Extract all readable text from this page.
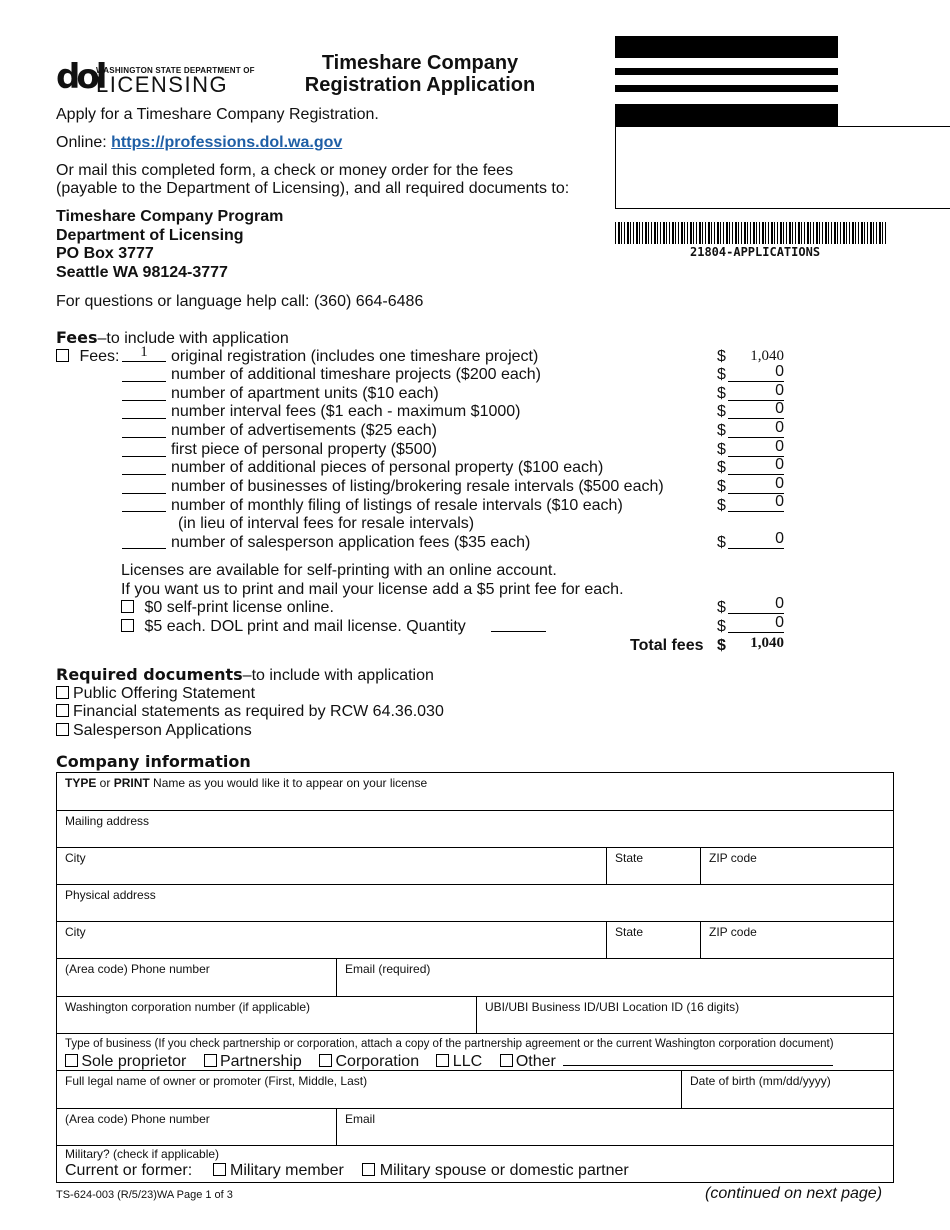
dol
WASHINGTON STATE DEPARTMENT OF
LICENSING
Timeshare Company
Registration Application
21804-APPLICATIONS
Apply for a Timeshare Company Registration.
Online: https://professions.dol.wa.gov
Or mail this completed form, a check or money order for the fees
(payable to the Department of Licensing), and all required documents to:
Timeshare Company Program
Department of Licensing
PO Box 3777
Seattle WA 98124-3777
For questions or language help call: (360) 664-6486
Fees–to include with application
Fees:	1	original registration (includes one timeshare project)	$	1,040
number of additional timeshare projects ($200 each)	$	0
number of apartment units ($10 each)	$	0
number interval fees ($1 each - maximum $1000)	$	0
number of advertisements ($25 each)	$	0
first piece of personal property ($500)	$	0
number of additional pieces of personal property ($100 each)	$	0
number of businesses of listing/brokering resale intervals ($500 each)	$	0
number of monthly filing of listings of resale intervals ($10 each)	$	0
(in lieu of interval fees for resale intervals)
number of salesperson application fees ($35 each)	$	0
Licenses are available for self-printing with an online account.
If you want us to print and mail your license add a $5 print fee for each.
$0 self-print license online.	$	0
$5 each. DOL print and mail license. Quantity	$	0
Total fees $	1,040
Required documents–to include with application
Public Offering Statement
Financial statements as required by RCW 64.36.030
Salesperson Applications
Company information
TYPE or PRINT Name as you would like it to appear on your license
Mailing address
City	State	ZIP code
Physical address
City	State	ZIP code
(Area code) Phone number	Email (required)
Washington corporation number (if applicable)	UBI/UBI Business ID/UBI Location ID (16 digits)
Type of business (If you check partnership or corporation, attach a copy of the partnership agreement or the current Washington corporation document)
Sole proprietor Partnership Corporation LLC Other
Full legal name of owner or promoter (First, Middle, Last)	Date of birth (mm/dd/yyyy)
(Area code) Phone number	Email
Military? (check if applicable)
Current or former: Military member Military spouse or domestic partner
TS-624-003 (R/5/23)WA Page 1 of 3	(continued on next page)
